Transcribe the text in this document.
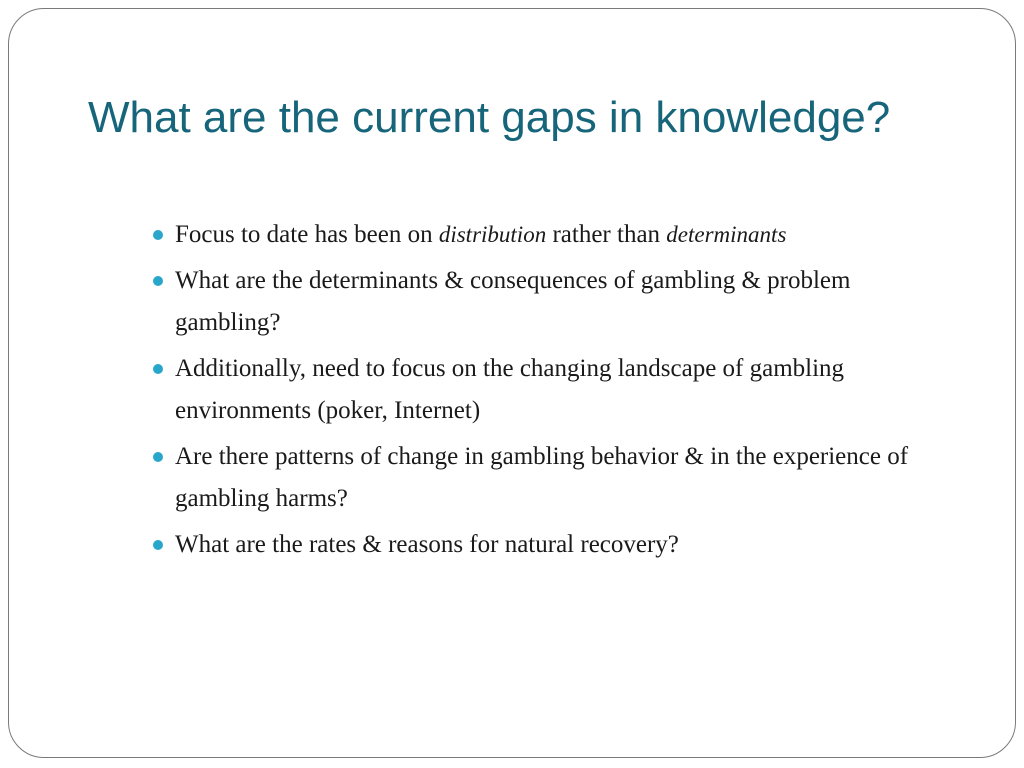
What are the current gaps in knowledge?
Focus to date has been on distribution rather than determinants
What are the determinants & consequences of gambling & problem gambling?
Additionally, need to focus on the changing landscape of gambling environments (poker, Internet)
Are there patterns of change in gambling behavior & in the experience of gambling harms?
What are the rates & reasons for natural recovery?
